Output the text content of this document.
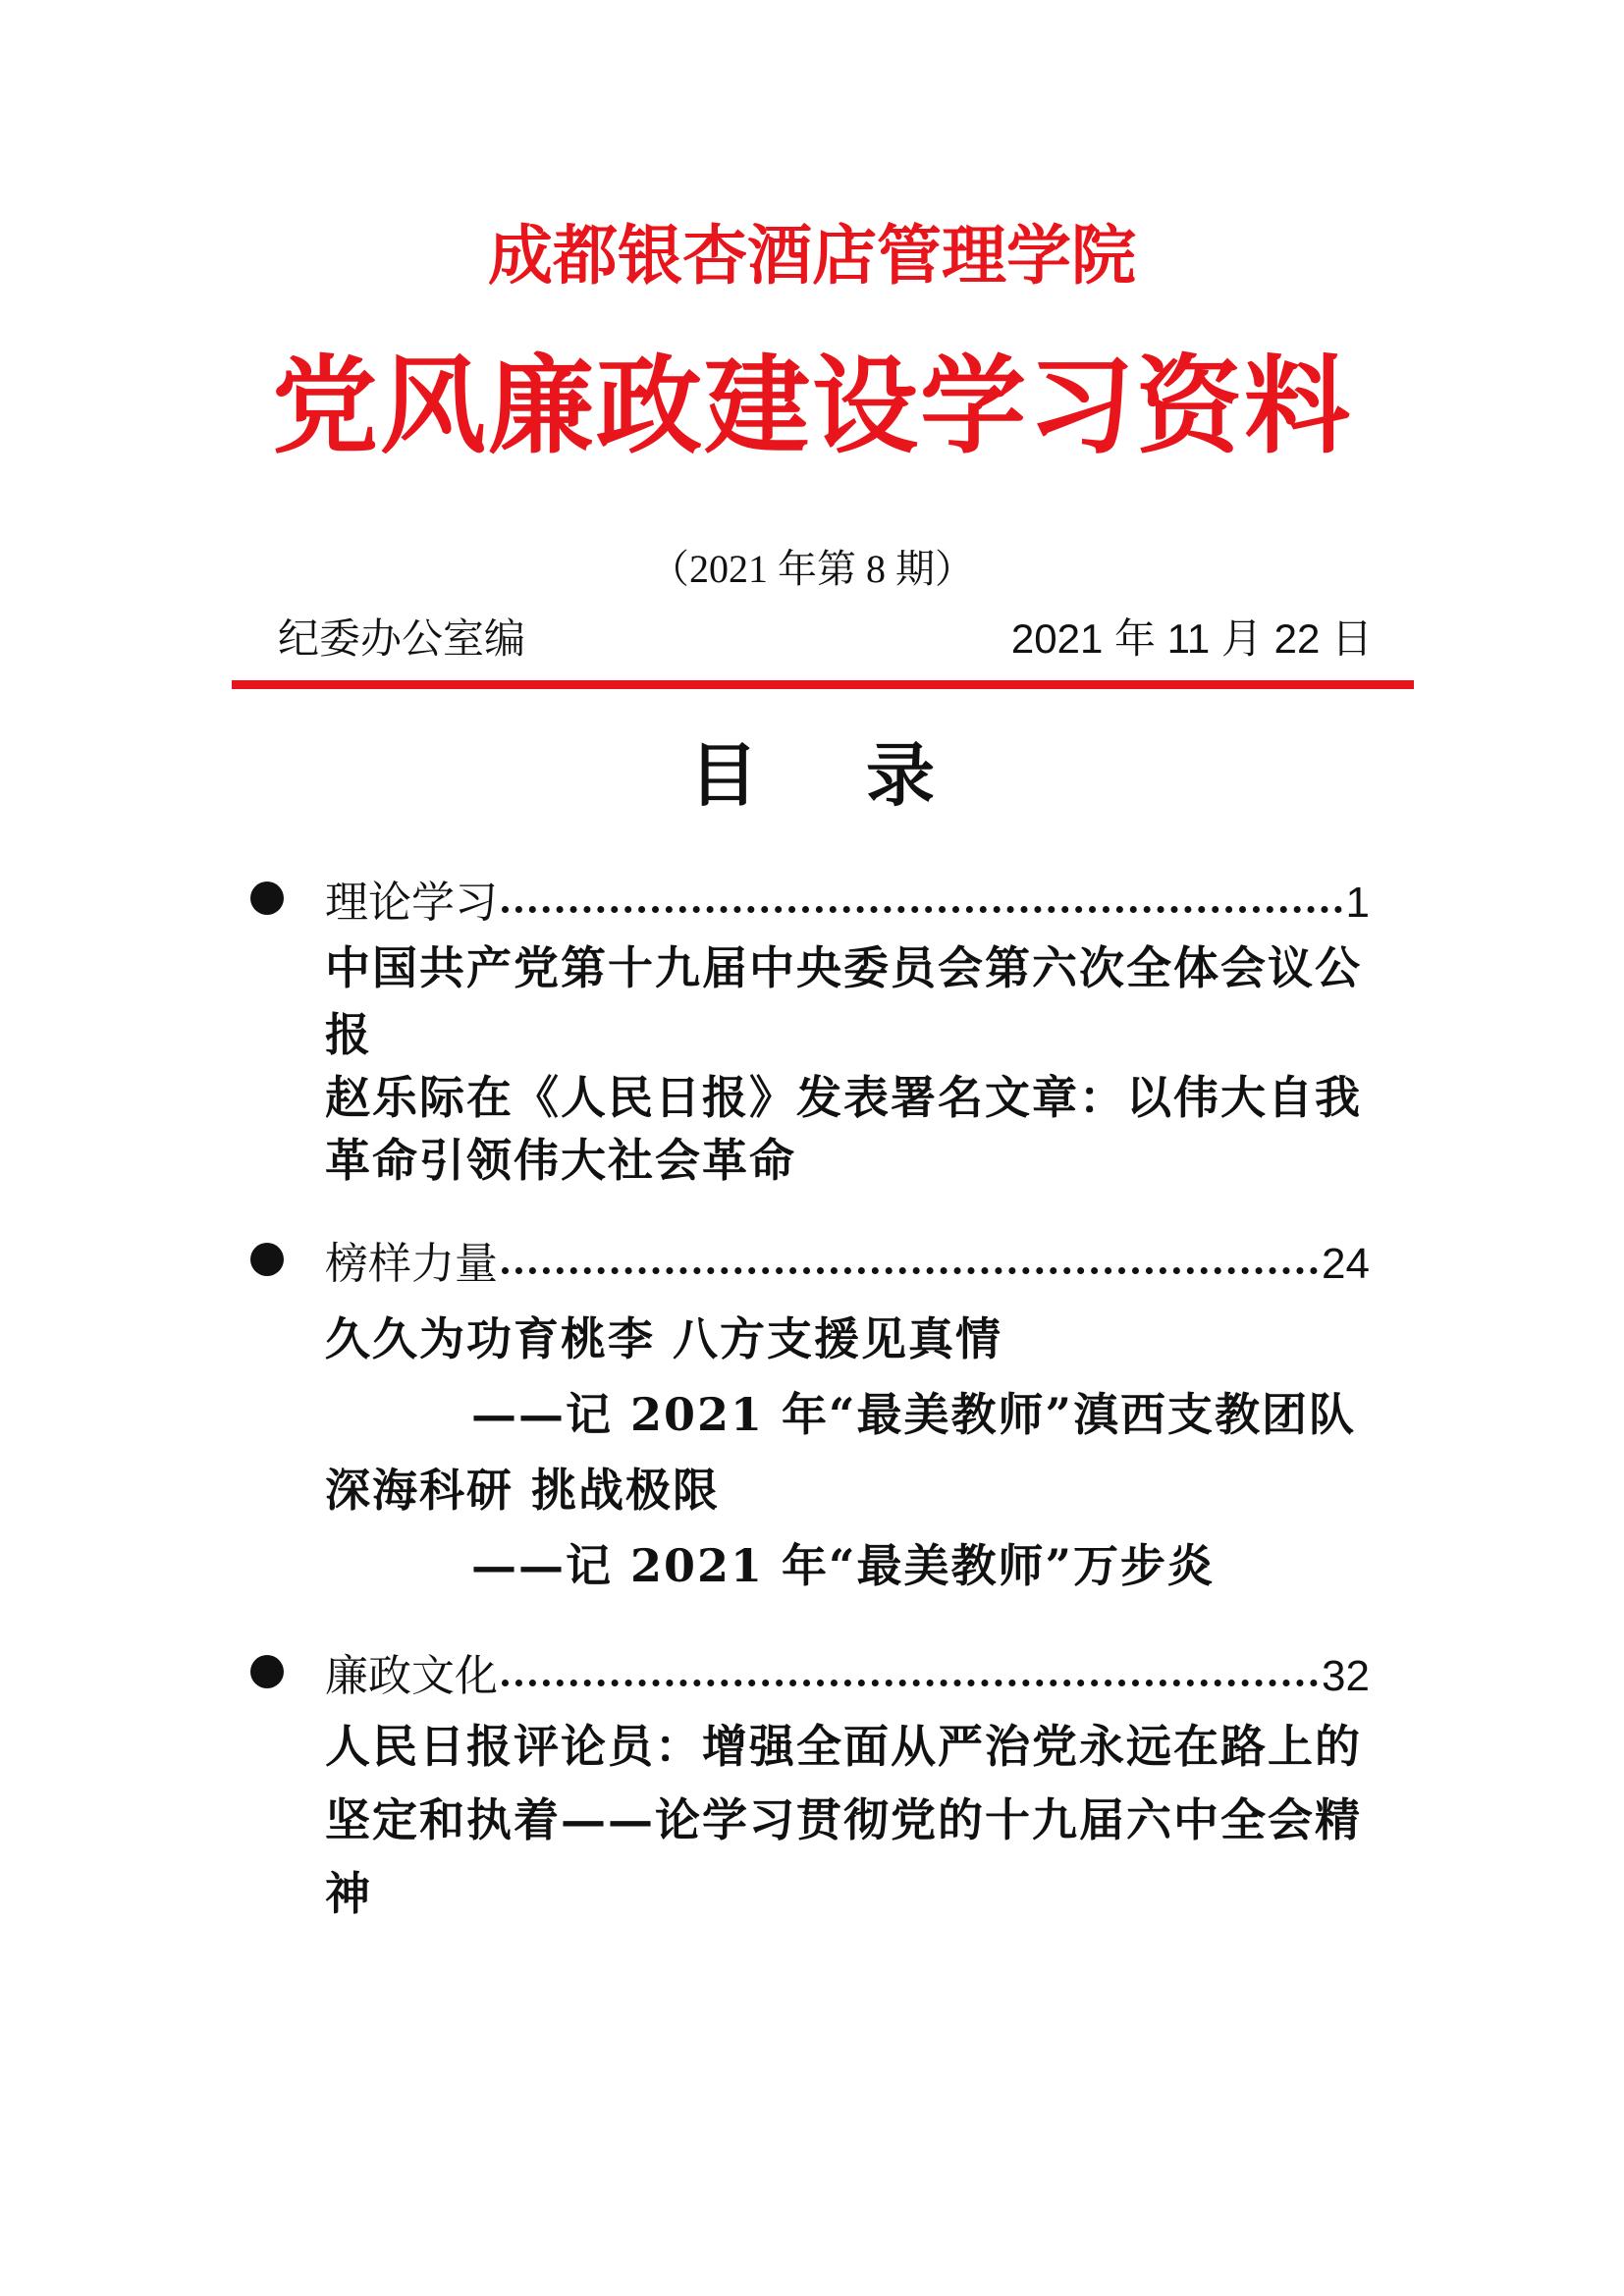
成都银杏酒店管理学院
党风廉政建设学习资料
（2021 年第 8 期）
纪委办公室编	2021 年 11 月 22 日
目 录
理论学习	1
中国共产党第十九届中央委员会第六次全体会议公报
赵乐际在《人民日报》发表署名文章：以伟大自我革命引领伟大社会革命
榜样力量	24
久久为功育桃李 八方支援见真情
——记 2021 年“最美教师”滇西支教团队
深海科研 挑战极限
——记 2021 年“最美教师”万步炎
廉政文化	32
人民日报评论员：增强全面从严治党永远在路上的坚定和执着——论学习贯彻党的十九届六中全会精神
